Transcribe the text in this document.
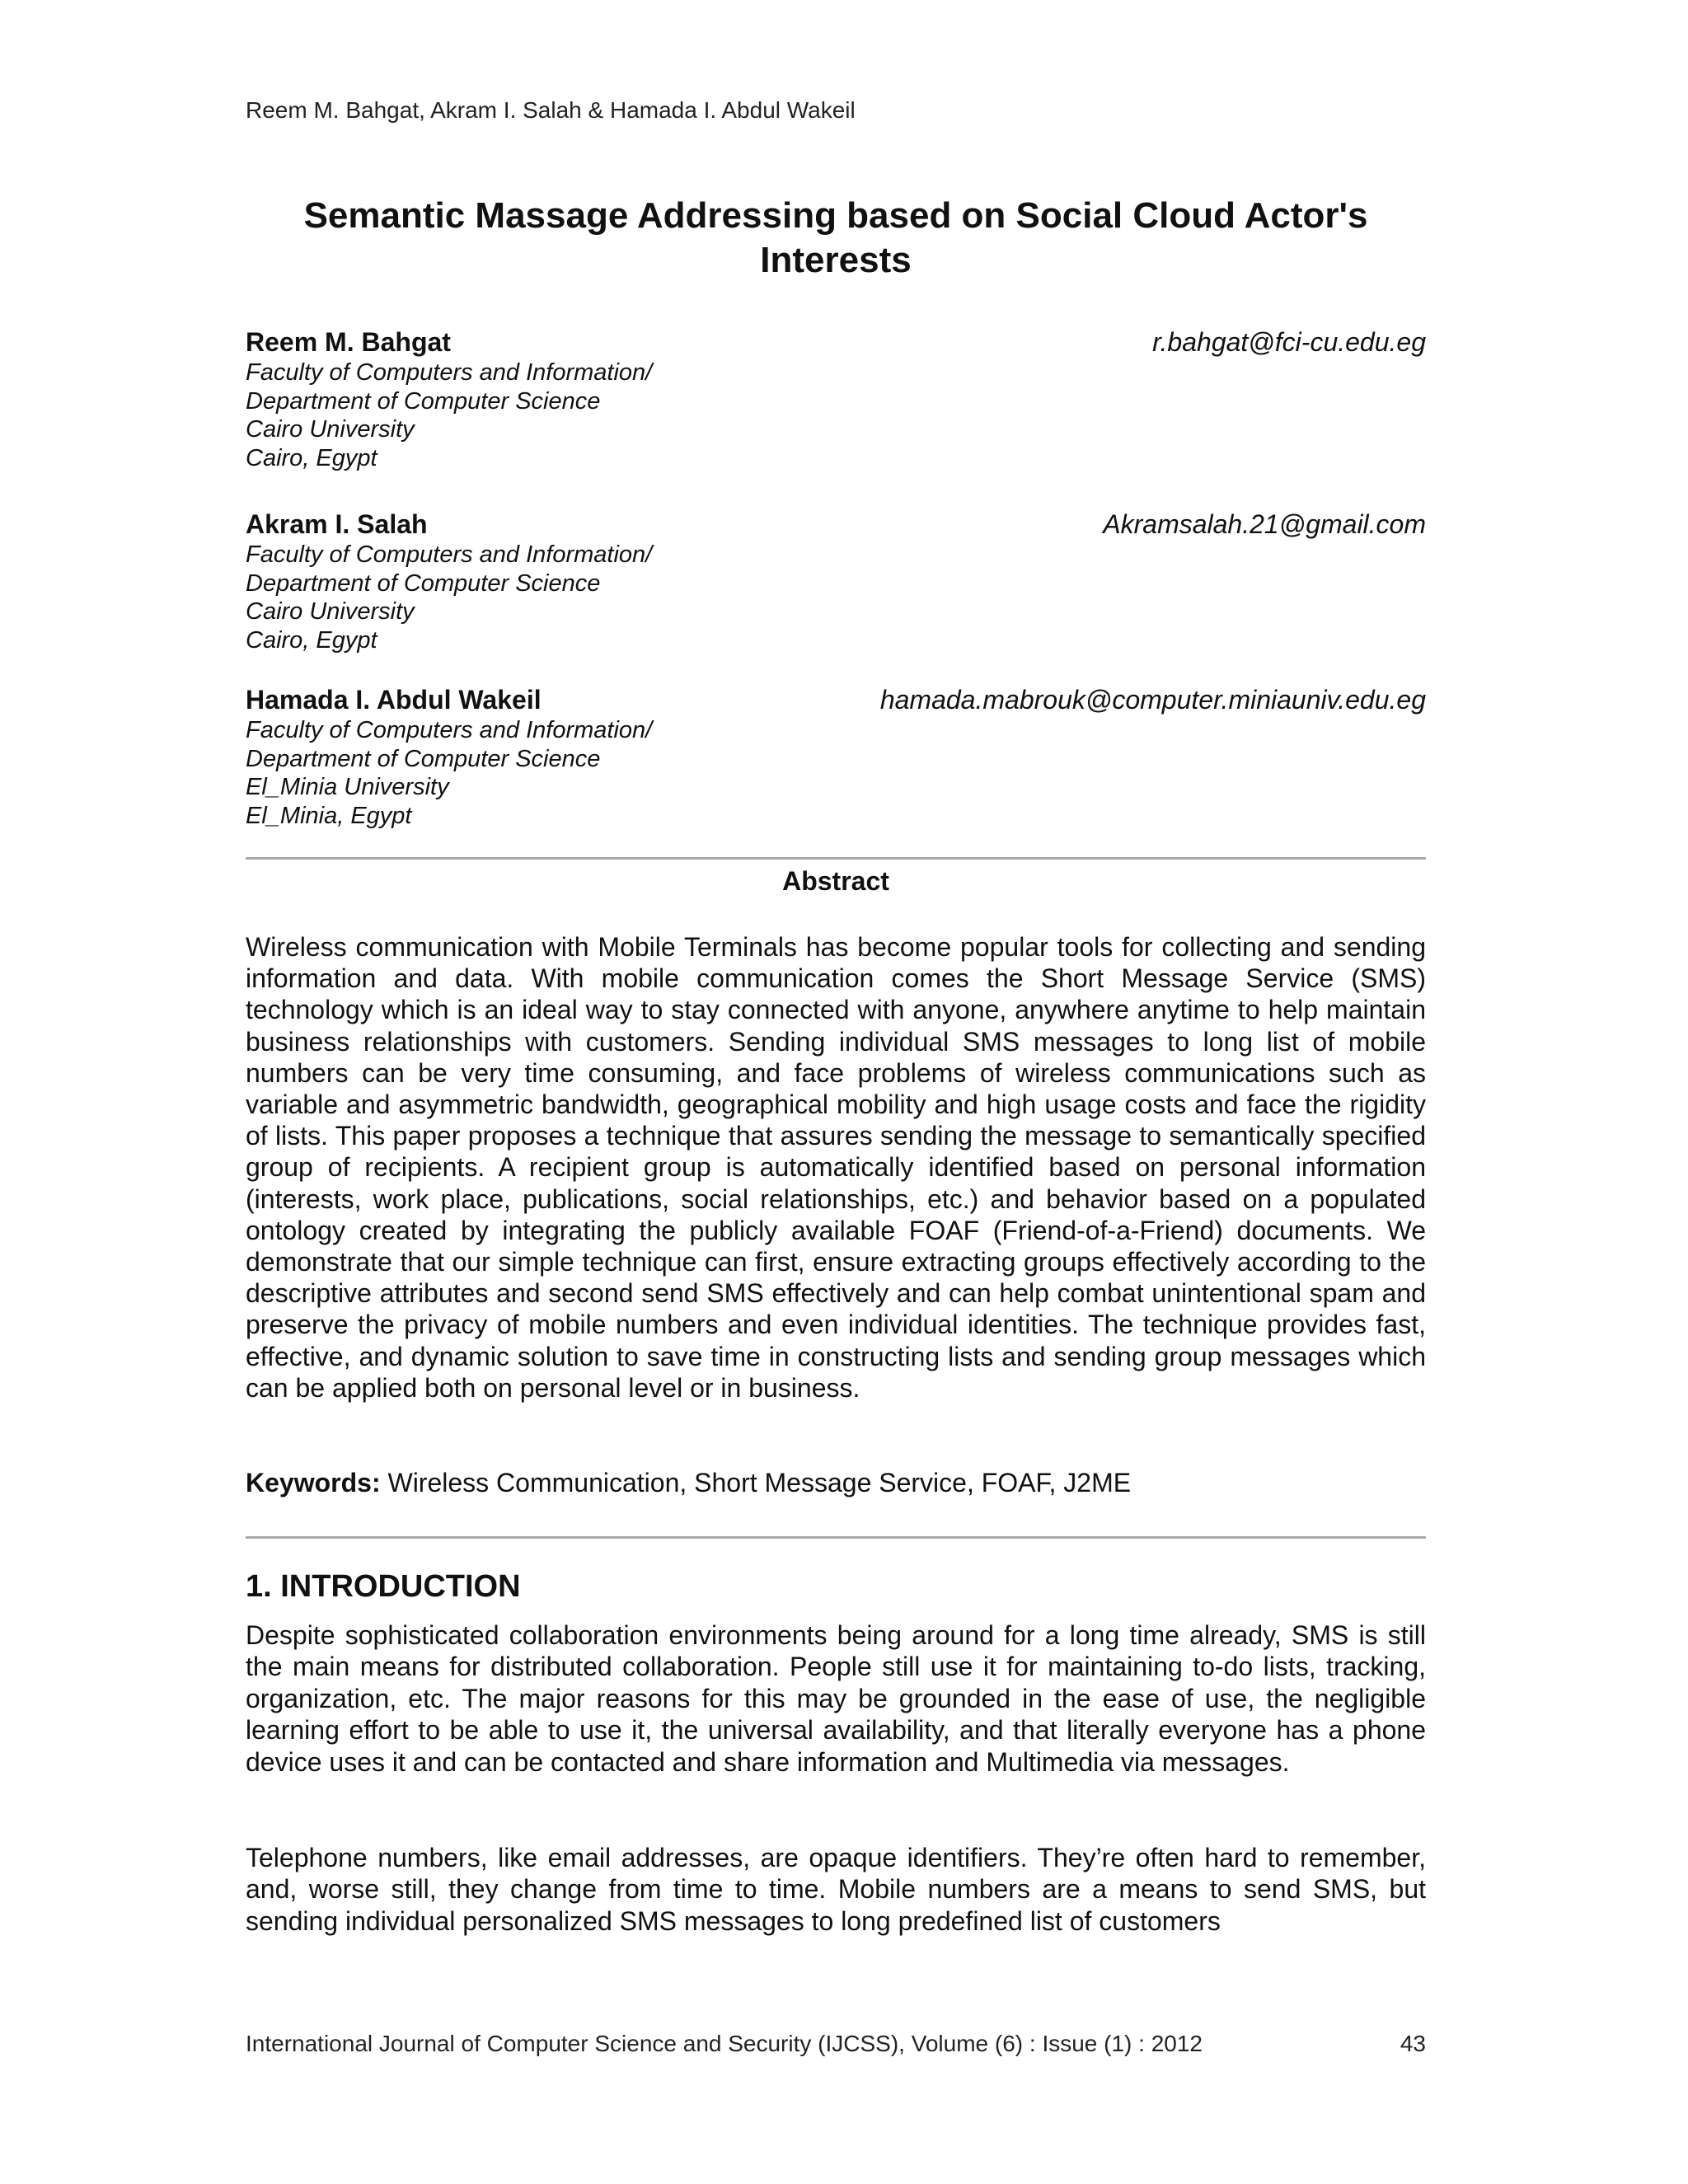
Reem M. Bahgat, Akram I. Salah & Hamada I. Abdul Wakeil
Semantic Massage Addressing based on Social Cloud Actor's
Interests
Reem M. Bahgat	r.bahgat@fci-cu.edu.eg
Faculty of Computers and Information/
Department of Computer Science
Cairo University
Cairo, Egypt
Akram I. Salah	Akramsalah.21@gmail.com
Faculty of Computers and Information/
Department of Computer Science
Cairo University
Cairo, Egypt
Hamada I. Abdul Wakeil	hamada.mabrouk@computer.miniauniv.edu.eg
Faculty of Computers and Information/
Department of Computer Science
El_Minia University
El_Minia, Egypt
Abstract
Wireless communication with Mobile Terminals has become popular tools for collecting and sending information and data. With mobile communication comes the Short Message Service (SMS) technology which is an ideal way to stay connected with anyone, anywhere anytime to help maintain business relationships with customers. Sending individual SMS messages to long list of mobile numbers can be very time consuming, and face problems of wireless communications such as variable and asymmetric bandwidth, geographical mobility and high usage costs and face the rigidity of lists. This paper proposes a technique that assures sending the message to semantically specified group of recipients. A recipient group is automatically identified based on personal information (interests, work place, publications, social relationships, etc.) and behavior based on a populated ontology created by integrating the publicly available FOAF (Friend-of-a-Friend) documents. We demonstrate that our simple technique can first, ensure extracting groups effectively according to the descriptive attributes and second send SMS effectively and can help combat unintentional spam and preserve the privacy of mobile numbers and even individual identities. The technique provides fast, effective, and dynamic solution to save time in constructing lists and sending group messages which can be applied both on personal level or in business.
Keywords: Wireless Communication, Short Message Service, FOAF, J2ME
1. INTRODUCTION
Despite sophisticated collaboration environments being around for a long time already, SMS is still the main means for distributed collaboration. People still use it for maintaining to-do lists, tracking, organization, etc. The major reasons for this may be grounded in the ease of use, the negligible learning effort to be able to use it, the universal availability, and that literally everyone has a phone device uses it and can be contacted and share information and Multimedia via messages.
Telephone numbers, like email addresses, are opaque identifiers. They’re often hard to remember, and, worse still, they change from time to time. Mobile numbers are a means to send SMS, but sending individual personalized SMS messages to long predefined list of customers
International Journal of Computer Science and Security (IJCSS), Volume (6) : Issue (1) : 2012	43
